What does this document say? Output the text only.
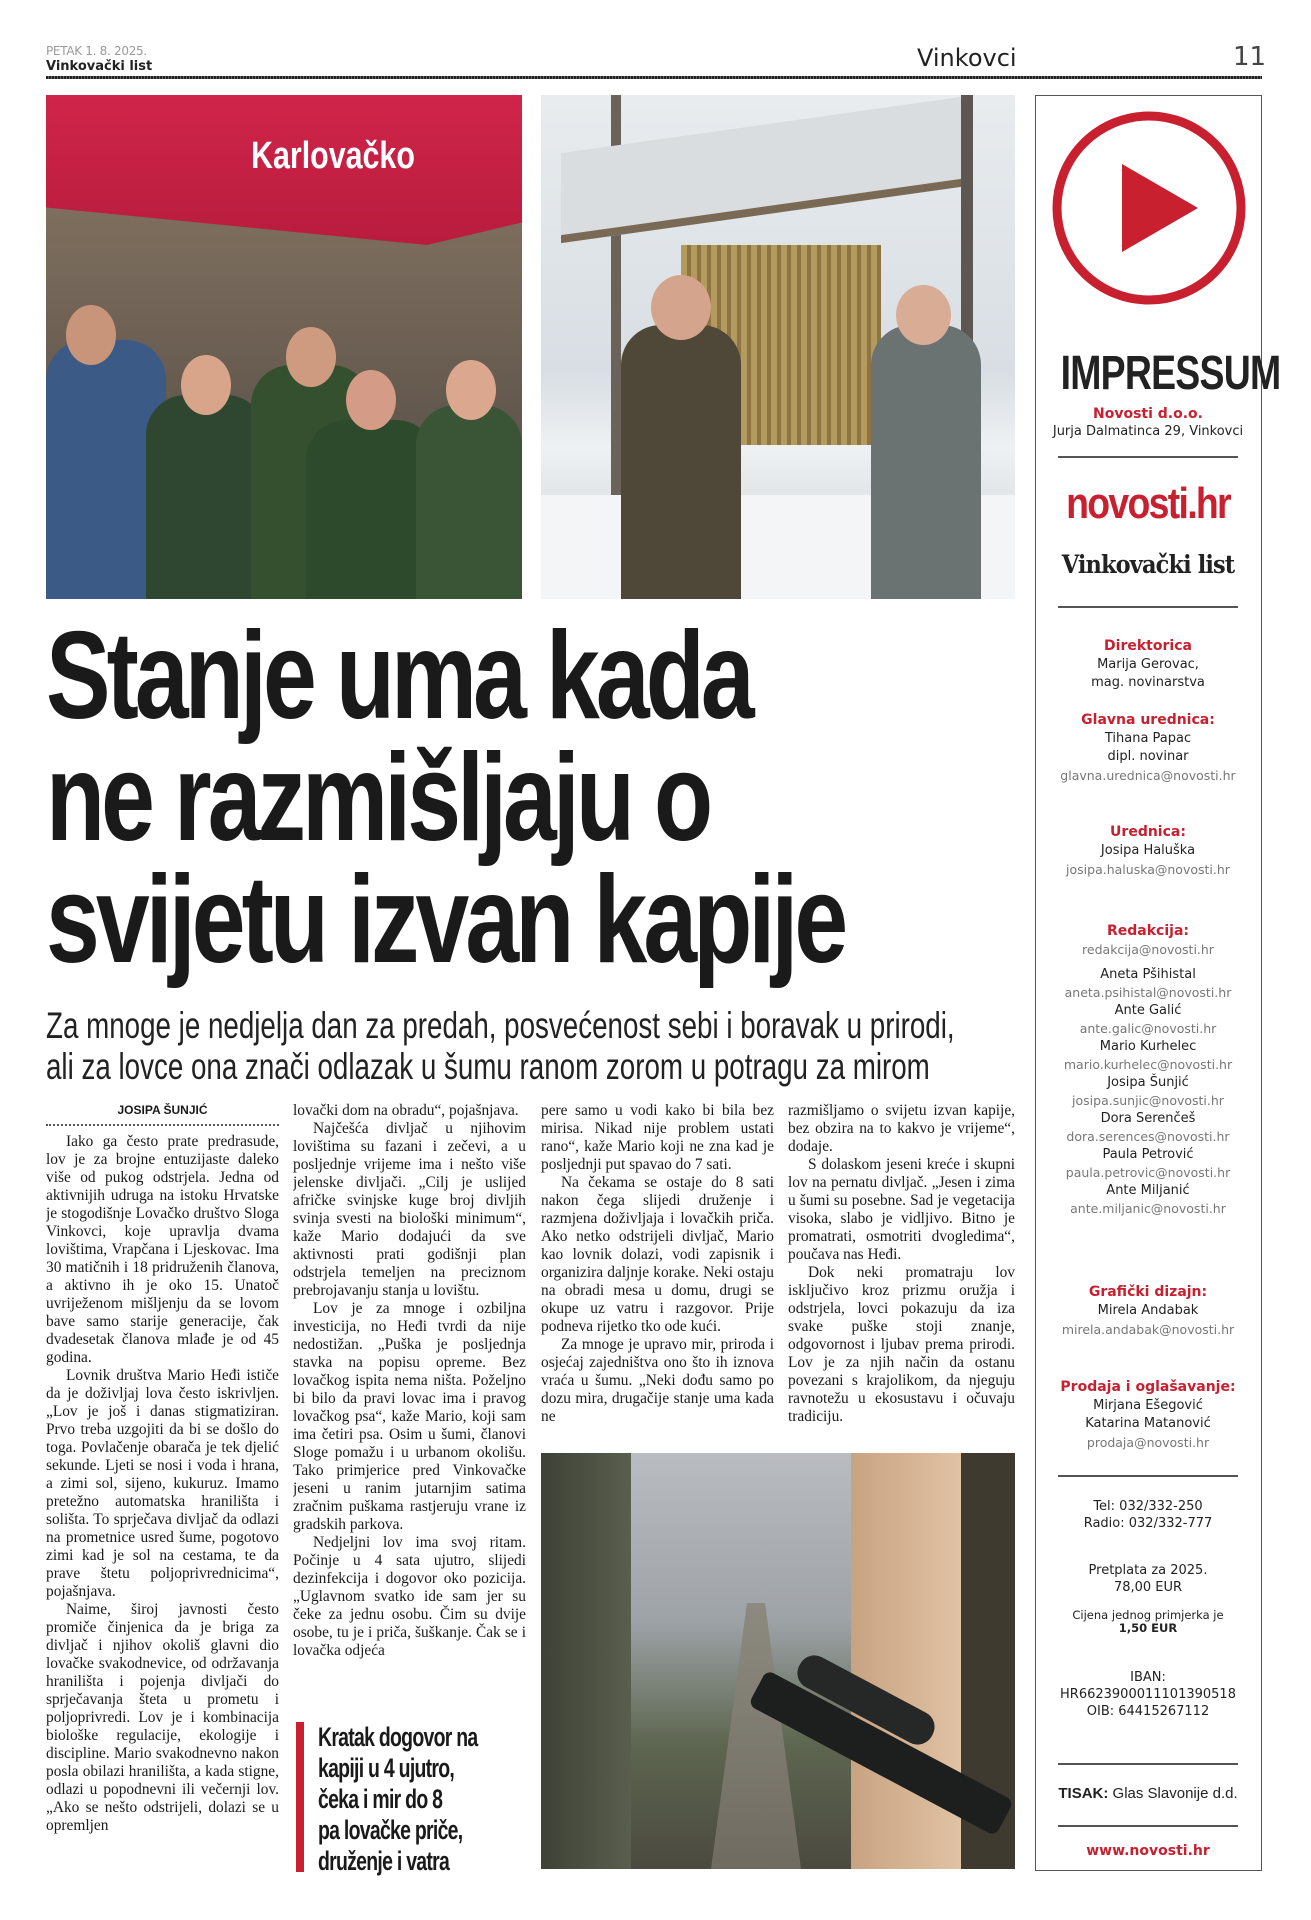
PETAK 1. 8. 2025.
Vinkovački list	Vinkovci	11
Karlovačko
Stanje uma kada
ne razmišljaju o
svijetu izvan kapije
Za mnoge je nedjelja dan za predah, posvećenost sebi i boravak u prirodi,
ali za lovce ona znači odlazak u šumu ranom zorom u potragu za mirom
JOSIPA ŠUNJIĆ

Iako ga često prate predrasude, lov je za brojne entuzijaste daleko više od pukog odstrjela. Jedna od aktivnijih udruga na istoku Hrvatske je stogodišnje Lovačko društvo Sloga Vinkovci, koje upravlja dvama lovištima, Vrapčana i Ljeskovac. Ima 30 matičnih i 18 pridruženih članova, a aktivno ih je oko 15. Unatoč uvriježenom mišljenju da se lovom bave samo starije generacije, čak dvadesetak članova mlađe je od 45 godina.

Lovnik društva Mario Heđi ističe da je doživljaj lova često iskrivljen. „Lov je još i danas stigmatiziran. Prvo treba uzgojiti da bi se došlo do toga. Povlačenje obarača je tek djelić sekunde. Ljeti se nosi i voda i hrana, a zimi sol, sijeno, kukuruz. Imamo pretežno automatska hranilišta i solišta. To sprječava divljač da odlazi na prometnice usred šume, pogotovo zimi kad je sol na cestama, te da prave štetu poljoprivrednicima“, pojašnjava.

Naime, široj javnosti često promiče činjenica da je briga za divljač i njihov okoliš glavni dio lovačke svakodnevice, od održavanja hranilišta i pojenja divljači do sprječavanja šteta u prometu i poljoprivredi. Lov je i kombinacija biološke regulacije, ekologije i discipline. Mario svakodnevno nakon posla obilazi hranilišta, a kada stigne, odlazi u popodnevni ili večernji lov. „Ako se nešto odstrijeli, dolazi se u opremljen

lovački dom na obradu“, pojašnjava.

Najčešća divljač u njihovim lovištima su fazani i zečevi, a u posljednje vrijeme ima i nešto više jelenske divljači. „Cilj je uslijed afričke svinjske kuge broj divljih svinja svesti na biološki minimum“, kaže Mario dodajući da sve aktivnosti prati godišnji plan odstrjela temeljen na preciznom prebrojavanju stanja u lovištu.

Lov je za mnoge i ozbiljna investicija, no Heđi tvrdi da nije nedostižan. „Puška je posljednja stavka na popisu opreme. Bez lovačkog ispita nema ništa. Poželjno bi bilo da pravi lovac ima i pravog lovačkog psa“, kaže Mario, koji sam ima četiri psa. Osim u šumi, članovi Sloge pomažu i u urbanom okolišu. Tako primjerice pred Vinkovačke jeseni u ranim jutarnjim satima zračnim puškama rastjeruju vrane iz gradskih parkova.

Nedjeljni lov ima svoj ritam. Počinje u 4 sata ujutro, slijedi dezinfekcija i dogovor oko pozicija. „Uglavnom svatko ide sam jer su čeke za jednu osobu. Čim su dvije osobe, tu je i priča, šuškanje. Čak se i lovačka odjeća

pere samo u vodi kako bi bila bez mirisa. Nikad nije problem ustati rano“, kaže Mario koji ne zna kad je posljednji put spavao do 7 sati.

Na čekama se ostaje do 8 sati nakon čega slijedi druženje i razmjena doživljaja i lovačkih priča. Ako netko odstrijeli divljač, Mario kao lovnik dolazi, vodi zapisnik i organizira daljnje korake. Neki ostaju na obradi mesa u domu, drugi se okupe uz vatru i razgovor. Prije podneva rijetko tko ode kući.

Za mnoge je upravo mir, priroda i osjećaj zajedništva ono što ih iznova vraća u šumu. „Neki dođu samo po dozu mira, drugačije stanje uma kada ne

razmišljamo o svijetu izvan kapije, bez obzira na to kakvo je vrijeme“, dodaje.

S dolaskom jeseni kreće i skupni lov na pernatu divljač. „Jesen i zima u šumi su posebne. Sad je vegetacija visoka, slabo je vidljivo. Bitno je promatrati, osmotriti dvogledima“, poučava nas Heđi.

Dok neki promatraju lov isključivo kroz prizmu oružja i odstrjela, lovci pokazuju da iza svake puške stoji znanje, odgovornost i ljubav prema prirodi. Lov je za njih način da ostanu povezani s krajolikom, da njeguju ravnotežu u ekosustavu i očuvaju tradiciju.

Kratak dogovor na
kapiji u 4 ujutro,
čeka i mir do 8
pa lovačke priče,
druženje i vatra
IMPRESSUM
Novosti d.o.o.
Jurja Dalmatinca 29, Vinkovci
novosti.hr
Vinkovački list
Direktorica
Marija Gerovac,
mag. novinarstva
Glavna urednica:
Tihana Papac
dipl. novinar
glavna.urednica@novosti.hr
Urednica:
Josipa Haluška
josipa.haluska@novosti.hr
Redakcija:
redakcija@novosti.hr
Aneta Pšihistal
aneta.psihistal@novosti.hr
Ante Galić
ante.galic@novosti.hr
Mario Kurhelec
mario.kurhelec@novosti.hr
Josipa Šunjić
josipa.sunjic@novosti.hr
Dora Serenčeš
dora.serences@novosti.hr
Paula Petrović
paula.petrovic@novosti.hr
Ante Miljanić
ante.miljanic@novosti.hr
Grafički dizajn:
Mirela Andabak
mirela.andabak@novosti.hr
Prodaja i oglašavanje:
Mirjana Ešegović
Katarina Matanović
prodaja@novosti.hr
Tel: 032/332-250
Radio: 032/332-777
Pretplata za 2025.
78,00 EUR
Cijena jednog primjerka je
1,50 EUR
IBAN:
HR6623900011101390518
OIB: 64415267112
TISAK: Glas Slavonije d.d.
www.novosti.hr
